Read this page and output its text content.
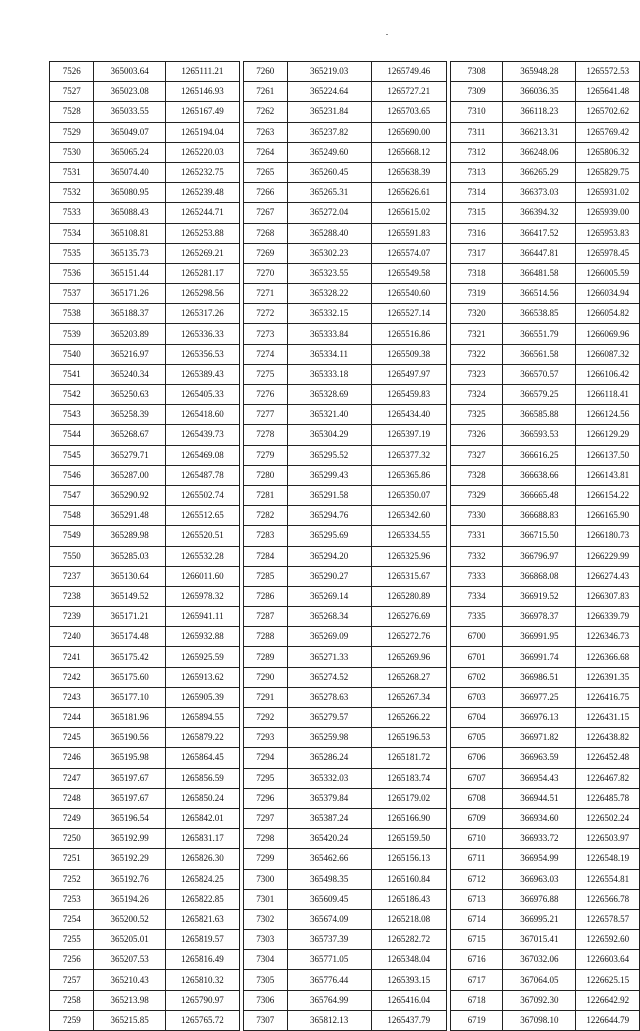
7526	365003.64	1265111.21
7527	365023.08	1265146.93
7528	365033.55	1265167.49
7529	365049.07	1265194.04
7530	365065.24	1265220.03
7531	365074.40	1265232.75
7532	365080.95	1265239.48
7533	365088.43	1265244.71
7534	365108.81	1265253.88
7535	365135.73	1265269.21
7536	365151.44	1265281.17
7537	365171.26	1265298.56
7538	365188.37	1265317.26
7539	365203.89	1265336.33
7540	365216.97	1265356.53
7541	365240.34	1265389.43
7542	365250.63	1265405.33
7543	365258.39	1265418.60
7544	365268.67	1265439.73
7545	365279.71	1265469.08
7546	365287.00	1265487.78
7547	365290.92	1265502.74
7548	365291.48	1265512.65
7549	365289.98	1265520.51
7550	365285.03	1265532.28
7237	365130.64	1266011.60
7238	365149.52	1265978.32
7239	365171.21	1265941.11
7240	365174.48	1265932.88
7241	365175.42	1265925.59
7242	365175.60	1265913.62
7243	365177.10	1265905.39
7244	365181.96	1265894.55
7245	365190.56	1265879.22
7246	365195.98	1265864.45
7247	365197.67	1265856.59
7248	365197.67	1265850.24
7249	365196.54	1265842.01
7250	365192.99	1265831.17
7251	365192.29	1265826.30
7252	365192.76	1265824.25
7253	365194.26	1265822.85
7254	365200.52	1265821.63
7255	365205.01	1265819.57
7256	365207.53	1265816.49
7257	365210.43	1265810.32
7258	365213.98	1265790.97
7259	365215.85	1265765.72
7260	365219.03	1265749.46
7261	365224.64	1265727.21
7262	365231.84	1265703.65
7263	365237.82	1265690.00
7264	365249.60	1265668.12
7265	365260.45	1265638.39
7266	365265.31	1265626.61
7267	365272.04	1265615.02
7268	365288.40	1265591.83
7269	365302.23	1265574.07
7270	365323.55	1265549.58
7271	365328.22	1265540.60
7272	365332.15	1265527.14
7273	365333.84	1265516.86
7274	365334.11	1265509.38
7275	365333.18	1265497.97
7276	365328.69	1265459.83
7277	365321.40	1265434.40
7278	365304.29	1265397.19
7279	365295.52	1265377.32
7280	365299.43	1265365.86
7281	365291.58	1265350.07
7282	365294.76	1265342.60
7283	365295.69	1265334.55
7284	365294.20	1265325.96
7285	365290.27	1265315.67
7286	365269.14	1265280.89
7287	365268.34	1265276.69
7288	365269.09	1265272.76
7289	365271.33	1265269.96
7290	365274.52	1265268.27
7291	365278.63	1265267.34
7292	365279.57	1265266.22
7293	365259.98	1265196.53
7294	365286.24	1265181.72
7295	365332.03	1265183.74
7296	365379.84	1265179.02
7297	365387.24	1265166.90
7298	365420.24	1265159.50
7299	365462.66	1265156.13
7300	365498.35	1265160.84
7301	365609.45	1265186.43
7302	365674.09	1265218.08
7303	365737.39	1265282.72
7304	365771.05	1265348.04
7305	365776.44	1265393.15
7306	365764.99	1265416.04
7307	365812.13	1265437.79
7308	365948.28	1265572.53
7309	366036.35	1265641.48
7310	366118.23	1265702.62
7311	366213.31	1265769.42
7312	366248.06	1265806.32
7313	366265.29	1265829.75
7314	366373.03	1265931.02
7315	366394.32	1265939.00
7316	366417.52	1265953.83
7317	366447.81	1265978.45
7318	366481.58	1266005.59
7319	366514.56	1266034.94
7320	366538.85	1266054.82
7321	366551.79	1266069.96
7322	366561.58	1266087.32
7323	366570.57	1266106.42
7324	366579.25	1266118.41
7325	366585.88	1266124.56
7326	366593.53	1266129.29
7327	366616.25	1266137.50
7328	366638.66	1266143.81
7329	366665.48	1266154.22
7330	366688.83	1266165.90
7331	366715.50	1266180.73
7332	366796.97	1266229.99
7333	366868.08	1266274.43
7334	366919.52	1266307.83
7335	366978.37	1266339.79
6700	366991.95	1226346.73
6701	366991.74	1226366.68
6702	366986.51	1226391.35
6703	366977.25	1226416.75
6704	366976.13	1226431.15
6705	366971.82	1226438.82
6706	366963.59	1226452.48
6707	366954.43	1226467.82
6708	366944.51	1226485.78
6709	366934.60	1226502.24
6710	366933.72	1226503.97
6711	366954.99	1226548.19
6712	366963.03	1226554.81
6713	366976.88	1226566.78
6714	366995.21	1226578.57
6715	367015.41	1226592.60
6716	367032.06	1226603.64
6717	367064.05	1226625.15
6718	367092.30	1226642.92
6719	367098.10	1226644.79
